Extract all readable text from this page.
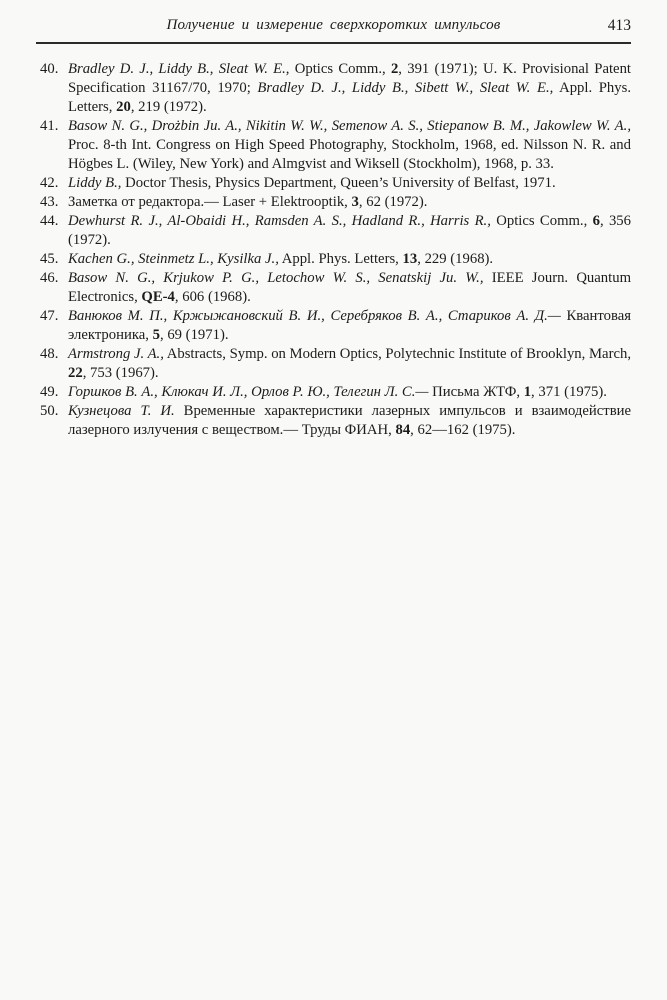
Получение и измерение сверхкоротких импульсов	413
40. Bradley D. J., Liddy B., Sleat W. E., Optics Comm., 2, 391 (1971); U. K. Provisional Patent Specification 31167/70, 1970; Bradley D. J., Liddy B., Sibett W., Sleat W. E., Appl. Phys. Letters, 20, 219 (1972).
41. Basow N. G., Drożbin Ju. A., Nikitin W. W., Semenow A. S., Stiepanow B. M., Jakowlew W. A., Proc. 8-th Int. Congress on High Speed Photography, Stockholm, 1968, ed. Nilsson N. R. and Högbes L. (Wiley, New York) and Almgvist and Wiksell (Stockholm), 1968, p. 33.
42. Liddy B., Doctor Thesis, Physics Department, Queen’s University of Belfast, 1971.
43. Заметка от редактора.— Laser + Elektrooptik, 3, 62 (1972).
44. Dewhurst R. J., Al-Obaidi H., Ramsden A. S., Hadland R., Harris R., Optics Comm., 6, 356 (1972).
45. Kachen G., Steinmetz L., Kysilka J., Appl. Phys. Letters, 13, 229 (1968).
46. Basow N. G., Krjukow P. G., Letochow W. S., Senatskij Ju. W., IEEE Journ. Quantum Electronics, QE-4, 606 (1968).
47. Ванюков М. П., Кржыжановский В. И., Серебряков В. А., Стариков А. Д.— Квантовая электроника, 5, 69 (1971).
48. Armstrong J. A., Abstracts, Symp. on Modern Optics, Polytechnic Institute of Brooklyn, March, 22, 753 (1967).
49. Горшков В. А., Клюкач И. Л., Орлов Р. Ю., Телегин Л. С.— Письма ЖТФ, 1, 371 (1975).
50. Кузнецова Т. И. Временные характеристики лазерных импульсов и взаимодействие лазерного излучения с веществом.— Труды ФИАН, 84, 62—162 (1975).
